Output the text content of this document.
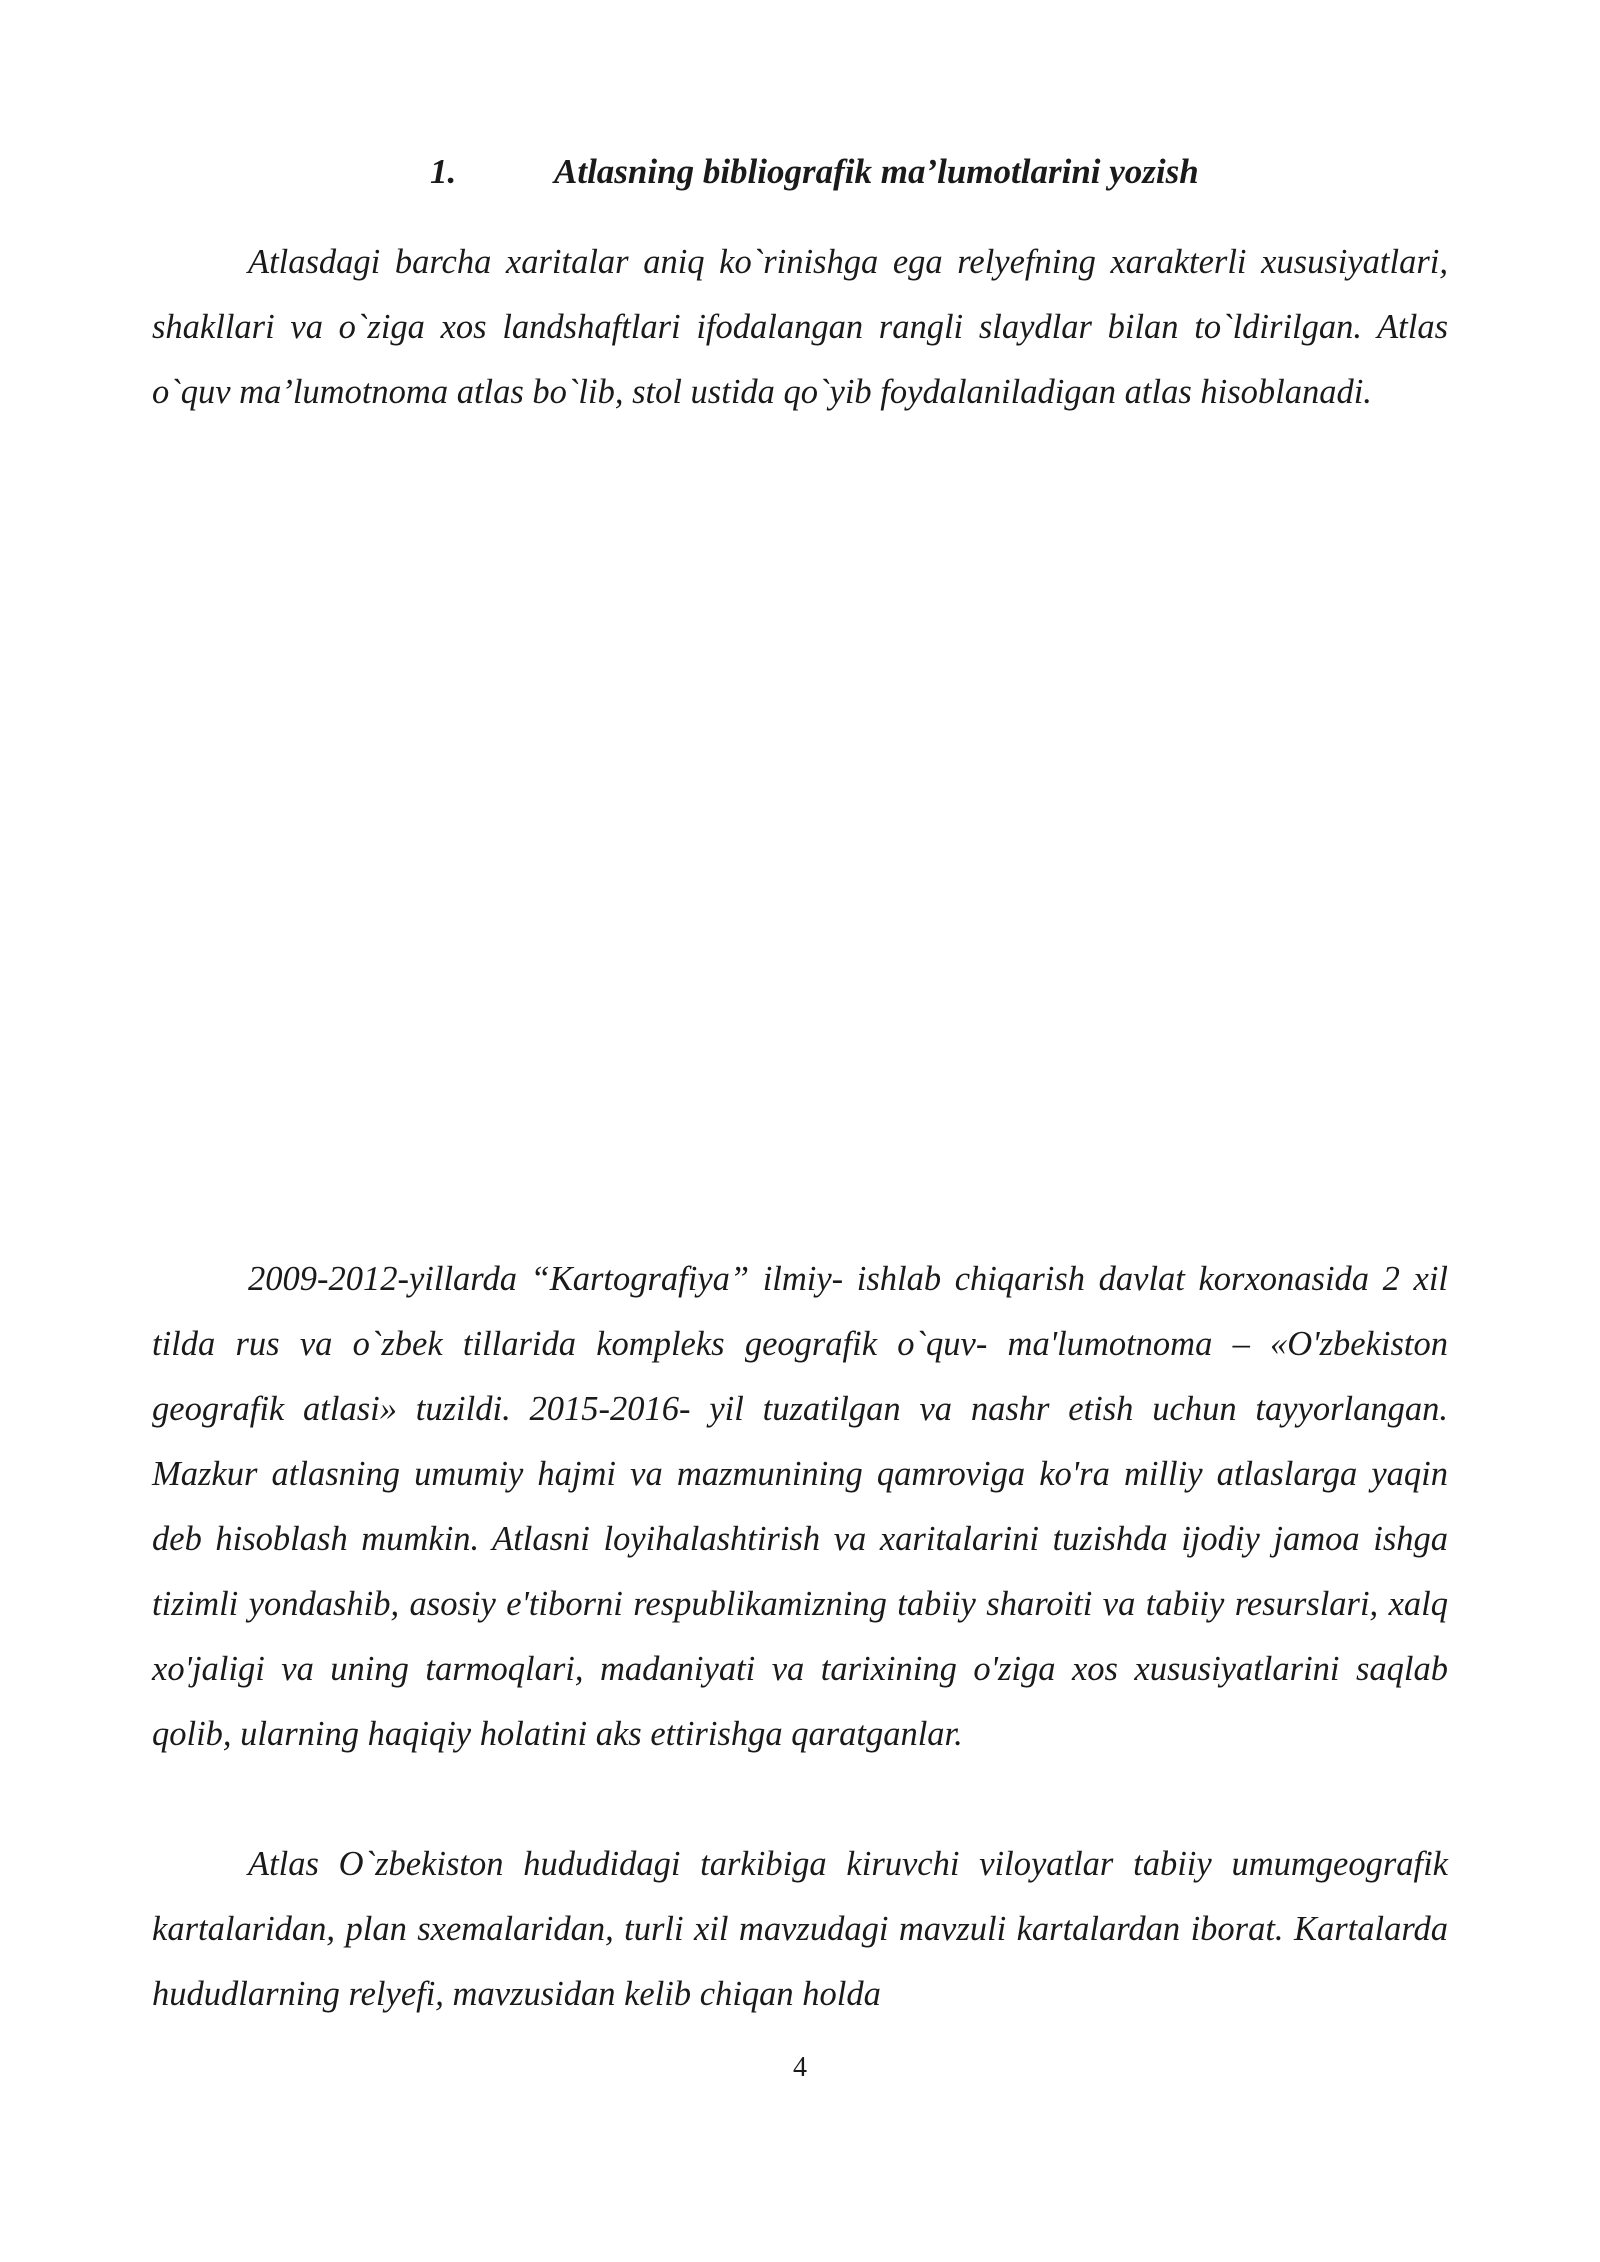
1.	Atlasning bibliografik ma’lumotlarini yozish

Atlasdagi barcha xaritalar aniq ko`rinishga ega relyefning xarakterli xususiyatlari, shakllari va o`ziga xos landshaftlari ifodalangan rangli slaydlar bilan to`ldirilgan. Atlas o`quv ma’lumotnoma atlas bo`lib, stol ustida qo`yib foydalaniladigan atlas hisoblanadi.

2009-2012-yillarda “Kartografiya” ilmiy- ishlab chiqarish davlat korxonasida 2 xil tilda rus va o`zbek tillarida kompleks geografik o`quv- ma'lumotnoma – «O'zbekiston geografik atlasi» tuzildi. 2015-2016- yil tuzatilgan va nashr etish uchun tayyorlangan. Mazkur atlasning umumiy hajmi va mazmunining qamroviga ko'ra milliy atlaslarga yaqin deb hisoblash mumkin. Atlasni loyihalashtirish va xaritalarini tuzishda ijodiy jamoa ishga tizimli yondashib, asosiy e'tiborni respublikamizning tabiiy sharoiti va tabiiy resurslari, xalq xo'jaligi va uning tarmoqlari, madaniyati va tarixining o'ziga xos xususiyatlarini saqlab qolib, ularning haqiqiy holatini aks ettirishga qaratganlar.

Atlas O`zbekiston hududidagi tarkibiga kiruvchi viloyatlar tabiiy umumgeografik kartalaridan, plan sxemalaridan, turli xil mavzudagi mavzuli kartalardan iborat. Kartalarda hududlarning relyefi, mavzusidan kelib chiqan holda

4
